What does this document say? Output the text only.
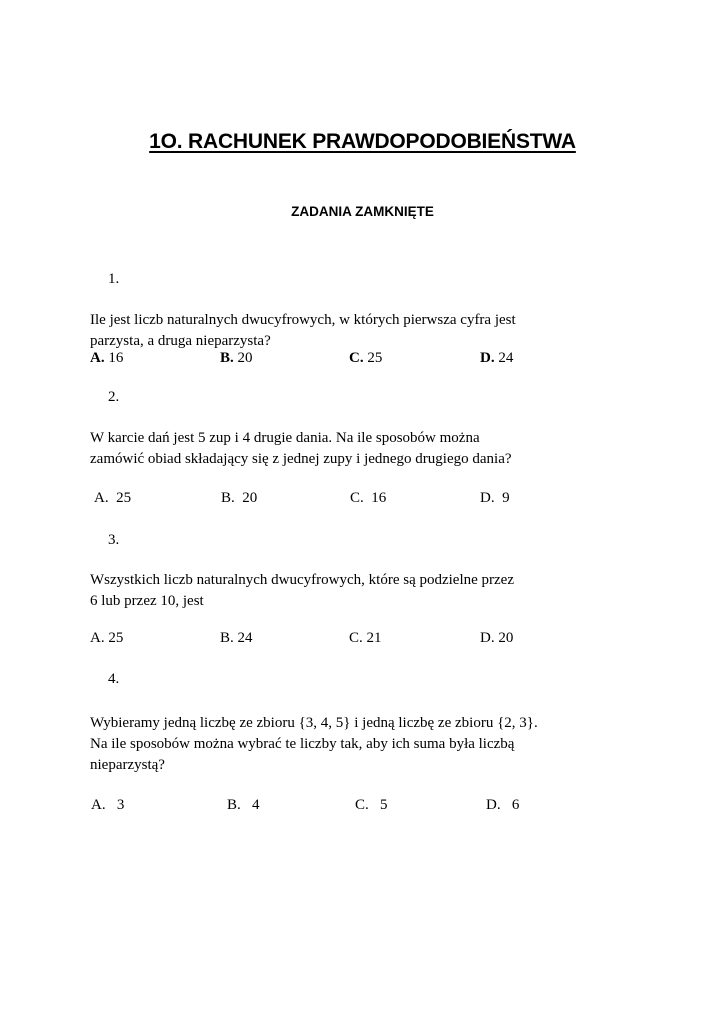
1O. RACHUNEK PRAWDOPODOBIEŃSTWA
ZADANIA ZAMKNIĘTE
1.
Ile jest liczb naturalnych dwucyfrowych, w których pierwsza cyfra jest
parzysta, a druga nieparzysta?
A. 16	B. 20	C. 25	D. 24
2.
W karcie dań jest 5 zup i 4 drugie dania. Na ile sposobów można
zamówić obiad składający się z jednej zupy i jednego drugiego dania?
A. 25	B. 20	C. 16	D. 9
3.
Wszystkich liczb naturalnych dwucyfrowych, które są podzielne przez
6 lub przez 10, jest
A. 25	B. 24	C. 21	D. 20
4.
Wybieramy jedną liczbę ze zbioru {3, 4, 5} i jedną liczbę ze zbioru {2, 3}.
Na ile sposobów można wybrać te liczby tak, aby ich suma była liczbą
nieparzystą?
A. 3	B. 4	C. 5	D. 6
